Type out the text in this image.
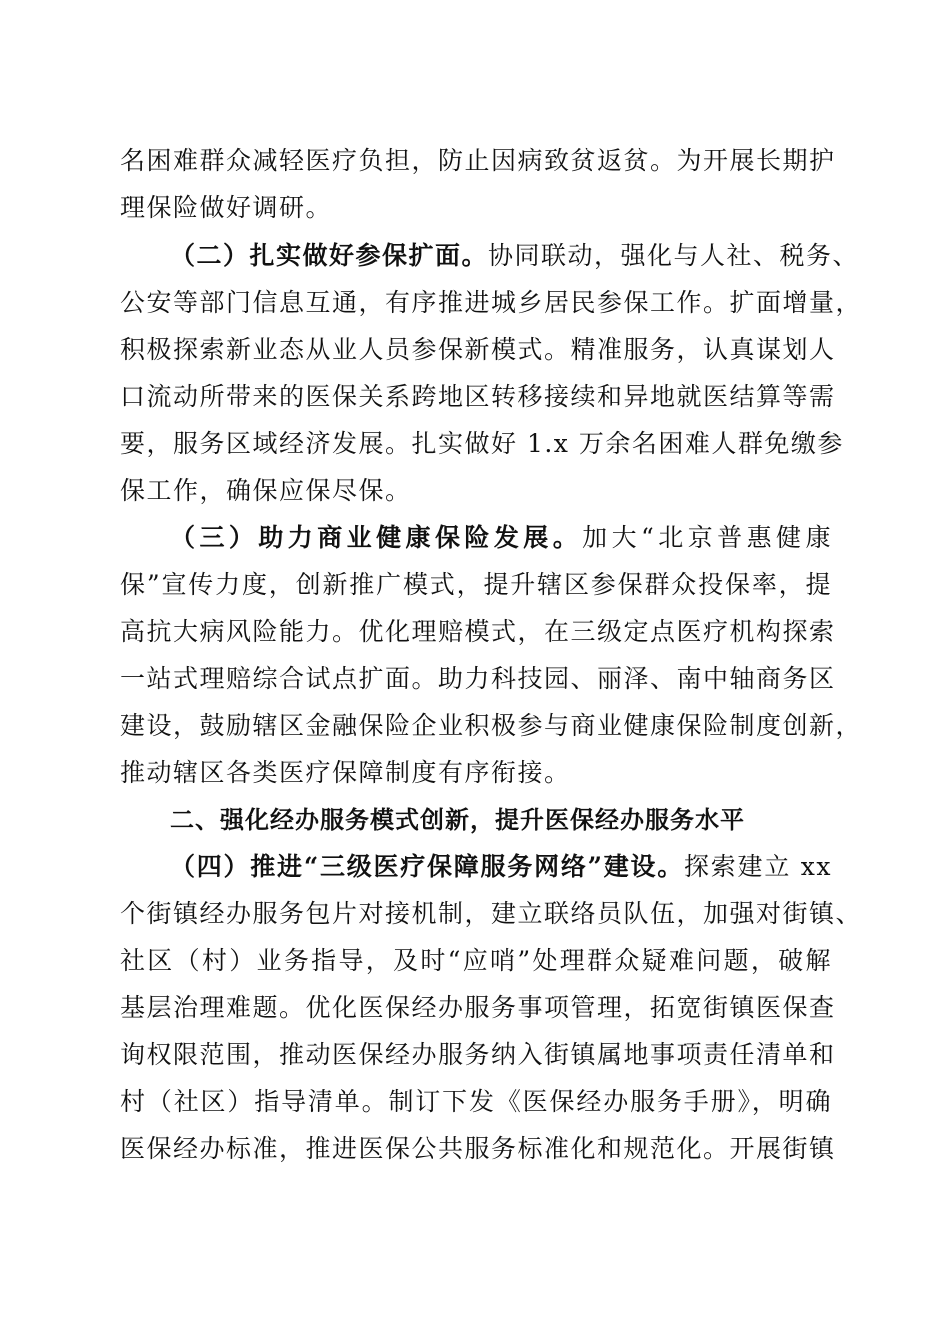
名困难群众减轻医疗负担，防止因病致贫返贫。为开展长期护
理保险做好调研。
（二）扎实做好参保扩面。协同联动，强化与人社、税务、
公安等部门信息互通，有序推进城乡居民参保工作。扩面增量，
积极探索新业态从业人员参保新模式。精准服务，认真谋划人
口流动所带来的医保关系跨地区转移接续和异地就医结算等需
要，服务区域经济发展。扎实做好 1.x 万余名困难人群免缴参
保工作，确保应保尽保。
（三）助力商业健康保险发展。加大“北京普惠健康
保”宣传力度，创新推广模式，提升辖区参保群众投保率，提
高抗大病风险能力。优化理赔模式，在三级定点医疗机构探索
一站式理赔综合试点扩面。助力科技园、丽泽、南中轴商务区
建设，鼓励辖区金融保险企业积极参与商业健康保险制度创新，
推动辖区各类医疗保障制度有序衔接。
二、强化经办服务模式创新，提升医保经办服务水平
（四）推进“三级医疗保障服务网络”建设。探索建立 xx
个街镇经办服务包片对接机制，建立联络员队伍，加强对街镇、
社区（村）业务指导，及时“应哨”处理群众疑难问题，破解
基层治理难题。优化医保经办服务事项管理，拓宽街镇医保查
询权限范围，推动医保经办服务纳入街镇属地事项责任清单和
村（社区）指导清单。制订下发《医保经办服务手册》，明确
医保经办标准，推进医保公共服务标准化和规范化。开展街镇
